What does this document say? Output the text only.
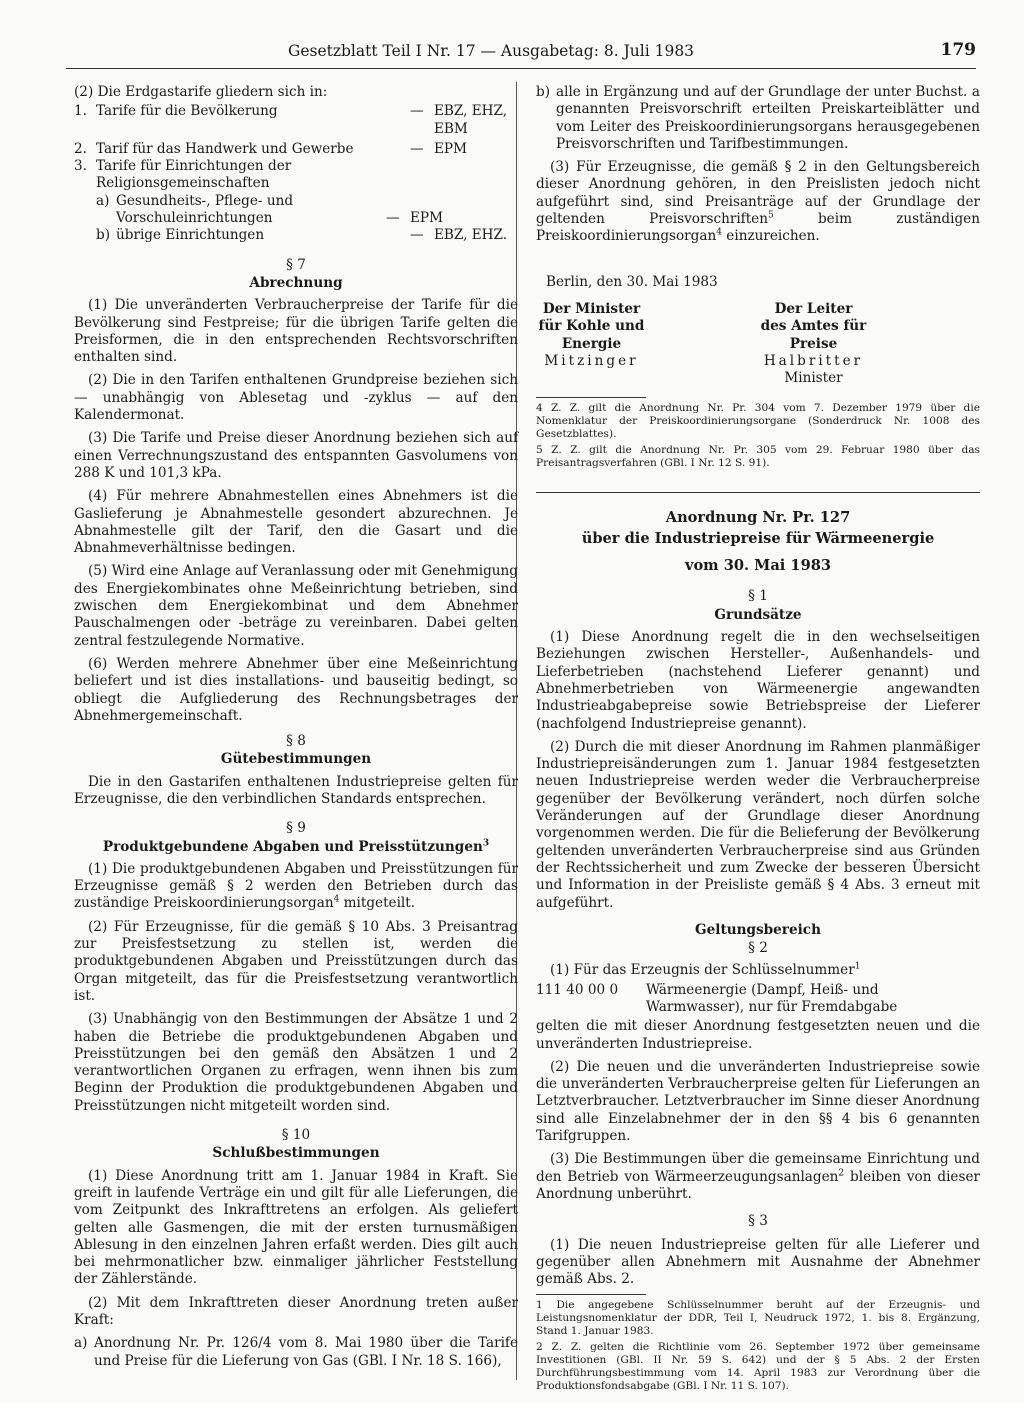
Gesetzblatt Teil I Nr. 17 — Ausgabetag: 8. Juli 1983	179

(2) Die Erdgastarife gliedern sich in:

1. Tarife für die Bevölkerung	— EBZ, EHZ, EBM
2. Tarif für das Handwerk und Gewerbe	— EPM
3. Tarife für Einrichtungen der Religionsgemeinschaften
a) Gesundheits-, Pflege- und Vorschuleinrichtungen	— EPM
b) übrige Einrichtungen	— EBZ, EHZ.
§ 7
Abrechnung

(1) Die unveränderten Verbraucherpreise der Tarife für die Bevölkerung sind Festpreise; für die übrigen Tarife gelten die Preisformen, die in den entsprechenden Rechtsvorschriften enthalten sind.

(2) Die in den Tarifen enthaltenen Grundpreise beziehen sich — unabhängig von Ablesetag und -zyklus — auf den Kalendermonat.

(3) Die Tarife und Preise dieser Anordnung beziehen sich auf einen Verrechnungszustand des entspannten Gasvolumens von 288 K und 101,3 kPa.

(4) Für mehrere Abnahmestellen eines Abnehmers ist die Gaslieferung je Abnahmestelle gesondert abzurechnen. Je Abnahmestelle gilt der Tarif, den die Gasart und die Abnahmeverhältnisse bedingen.

(5) Wird eine Anlage auf Veranlassung oder mit Genehmigung des Energiekombinates ohne Meßeinrichtung betrieben, sind zwischen dem Energiekombinat und dem Abnehmer Pauschalmengen oder -beträge zu vereinbaren. Dabei gelten zentral festzulegende Normative.

(6) Werden mehrere Abnehmer über eine Meßeinrichtung beliefert und ist dies installations- und bauseitig bedingt, so obliegt die Aufgliederung des Rechnungsbetrages der Abnehmergemeinschaft.

§ 8
Gütebestimmungen

Die in den Gastarifen enthaltenen Industriepreise gelten für Erzeugnisse, die den verbindlichen Standards entsprechen.

§ 9
Produktgebundene Abgaben und Preisstützungen$^3$

(1) Die produktgebundenen Abgaben und Preisstützungen für Erzeugnisse gemäß § 2 werden den Betrieben durch das zuständige Preiskoordinierungsorgan$^4$ mitgeteilt.

(2) Für Erzeugnisse, für die gemäß § 10 Abs. 3 Preisantrag zur Preisfestsetzung zu stellen ist, werden die produktgebundenen Abgaben und Preisstützungen durch das Organ mitgeteilt, das für die Preisfestsetzung verantwortlich ist.

(3) Unabhängig von den Bestimmungen der Absätze 1 und 2 haben die Betriebe die produktgebundenen Abgaben und Preisstützungen bei den gemäß den Absätzen 1 und 2 verantwortlichen Organen zu erfragen, wenn ihnen bis zum Beginn der Produktion die produktgebundenen Abgaben und Preisstützungen nicht mitgeteilt worden sind.

§ 10
Schlußbestimmungen

(1) Diese Anordnung tritt am 1. Januar 1984 in Kraft. Sie greift in laufende Verträge ein und gilt für alle Lieferungen, die vom Zeitpunkt des Inkrafttretens an erfolgen. Als geliefert gelten alle Gasmengen, die mit der ersten turnusmäßigen Ablesung in den einzelnen Jahren erfaßt werden. Dies gilt auch bei mehrmonatlicher bzw. einmaliger jährlicher Feststellung der Zählerstände.

(2) Mit dem Inkrafttreten dieser Anordnung treten außer Kraft:

a) Anordnung Nr. Pr. 126/4 vom 8. Mai 1980 über die Tarife und Preise für die Lieferung von Gas (GBl. I Nr. 18 S. 166),
b) alle in Ergänzung und auf der Grundlage der unter Buchst. a genannten Preisvorschrift erteilten Preiskarteiblätter und vom Leiter des Preiskoordinierungsorgans herausgegebenen Preisvorschriften und Tarifbestimmungen.

(3) Für Erzeugnisse, die gemäß § 2 in den Geltungsbereich dieser Anordnung gehören, in den Preislisten jedoch nicht aufgeführt sind, sind Preisanträge auf der Grundlage der geltenden Preisvorschriften$^5$ beim zuständigen Preiskoordinierungsorgan$^4$ einzureichen.

Berlin, den 30. Mai 1983

Der Minister
für Kohle und Energie
Mitzinger
Der Leiter
des Amtes für Preise
Halbritter
Minister

4 Z. Z. gilt die Anordnung Nr. Pr. 304 vom 7. Dezember 1979 über die Nomenklatur der Preiskoordinierungsorgane (Sonderdruck Nr. 1008 des Gesetzblattes).

5 Z. Z. gilt die Anordnung Nr. Pr. 305 vom 29. Februar 1980 über das Preisantragsverfahren (GBl. I Nr. 12 S. 91).

Anordnung Nr. Pr. 127
über die Industriepreise für Wärmeenergie
vom 30. Mai 1983
§ 1
Grundsätze

(1) Diese Anordnung regelt die in den wechselseitigen Beziehungen zwischen Hersteller-, Außenhandels- und Lieferbetrieben (nachstehend Lieferer genannt) und Abnehmerbetrieben von Wärmeenergie angewandten Industrieabgabepreise sowie Betriebspreise der Lieferer (nachfolgend Industriepreise genannt).

(2) Durch die mit dieser Anordnung im Rahmen planmäßiger Industriepreisänderungen zum 1. Januar 1984 festgesetzten neuen Industriepreise werden weder die Verbraucherpreise gegenüber der Bevölkerung verändert, noch dürfen solche Veränderungen auf der Grundlage dieser Anordnung vorgenommen werden. Die für die Belieferung der Bevölkerung geltenden unveränderten Verbraucherpreise sind aus Gründen der Rechtssicherheit und zum Zwecke der besseren Übersicht und Information in der Preisliste gemäß § 4 Abs. 3 erneut mit aufgeführt.

Geltungsbereich
§ 2

(1) Für das Erzeugnis der Schlüsselnummer$^1$

111 40 00 0	Wärmeenergie (Dampf, Heiß- und Warmwasser), nur für Fremdabgabe

gelten die mit dieser Anordnung festgesetzten neuen und die unveränderten Industriepreise.

(2) Die neuen und die unveränderten Industriepreise sowie die unveränderten Verbraucherpreise gelten für Lieferungen an Letztverbraucher. Letztverbraucher im Sinne dieser Anordnung sind alle Einzelabnehmer der in den §§ 4 bis 6 genannten Tarifgruppen.

(3) Die Bestimmungen über die gemeinsame Einrichtung und den Betrieb von Wärmeerzeugungsanlagen$^2$ bleiben von dieser Anordnung unberührt.

§ 3

(1) Die neuen Industriepreise gelten für alle Lieferer und gegenüber allen Abnehmern mit Ausnahme der Abnehmer gemäß Abs. 2.

1 Die angegebene Schlüsselnummer beruht auf der Erzeugnis- und Leistungsnomenklatur der DDR, Teil I, Neudruck 1972, 1. bis 8. Ergänzung, Stand 1. Januar 1983.

2 Z. Z. gelten die Richtlinie vom 26. September 1972 über gemeinsame Investitionen (GBl. II Nr. 59 S. 642) und der § 5 Abs. 2 der Ersten Durchführungsbestimmung vom 14. April 1983 zur Verordnung über die Produktionsfondsabgabe (GBl. I Nr. 11 S. 107).
